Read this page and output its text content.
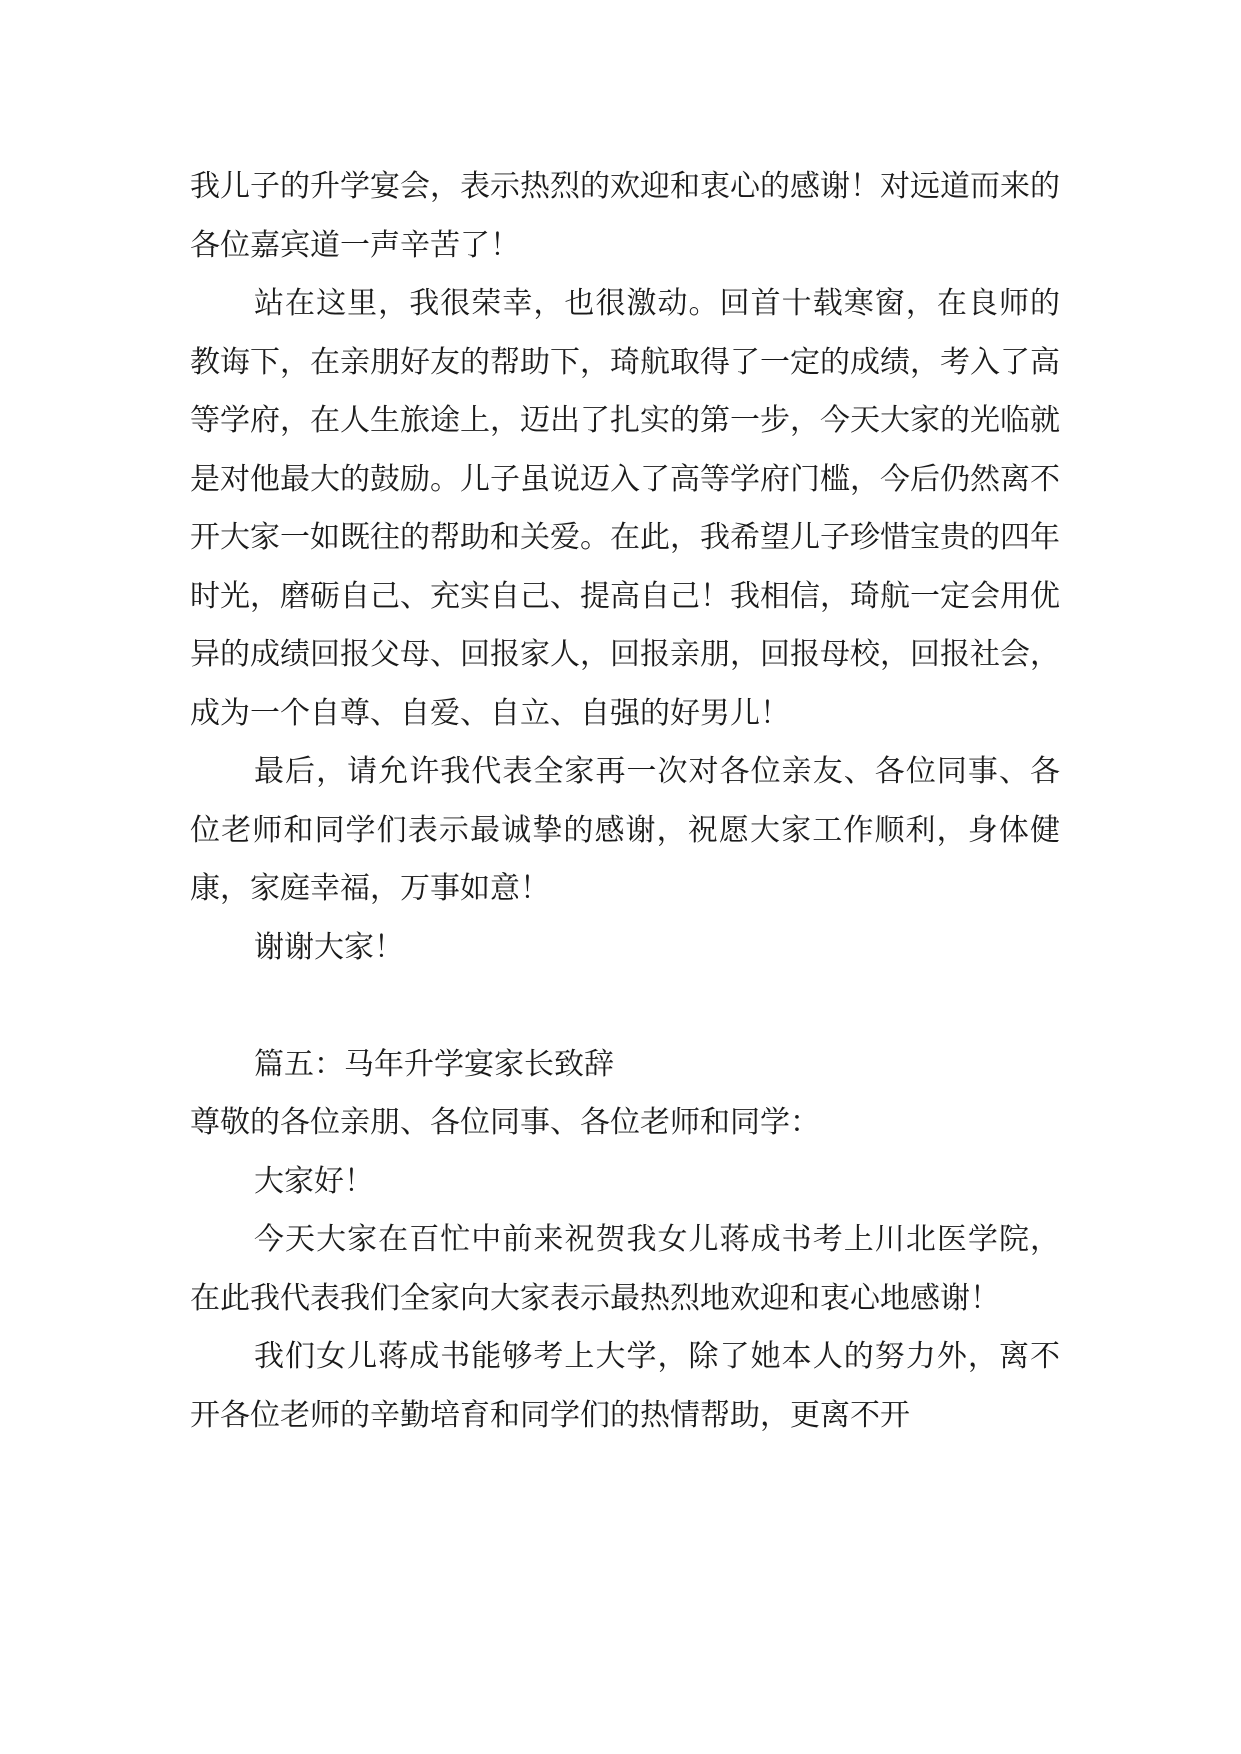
我儿子的升学宴会，表示热烈的欢迎和衷心的感谢！对远道而来的各位嘉宾道一声辛苦了！

站在这里，我很荣幸，也很激动。回首十载寒窗，在良师的教诲下，在亲朋好友的帮助下，琦航取得了一定的成绩，考入了高等学府，在人生旅途上，迈出了扎实的第一步，今天大家的光临就是对他最大的鼓励。儿子虽说迈入了高等学府门槛，今后仍然离不开大家一如既往的帮助和关爱。在此，我希望儿子珍惜宝贵的四年时光，磨砺自己、充实自己、提高自己！我相信，琦航一定会用优异的成绩回报父母、回报家人，回报亲朋，回报母校，回报社会，成为一个自尊、自爱、自立、自强的好男儿！

最后，请允许我代表全家再一次对各位亲友、各位同事、各位老师和同学们表示最诚挚的感谢，祝愿大家工作顺利，身体健康，家庭幸福，万事如意！

谢谢大家！

篇五：马年升学宴家长致辞

尊敬的各位亲朋、各位同事、各位老师和同学：

大家好！

今天大家在百忙中前来祝贺我女儿蒋成书考上川北医学院，在此我代表我们全家向大家表示最热烈地欢迎和衷心地感谢！

我们女儿蒋成书能够考上大学，除了她本人的努力外，离不开各位老师的辛勤培育和同学们的热情帮助，更离不开
